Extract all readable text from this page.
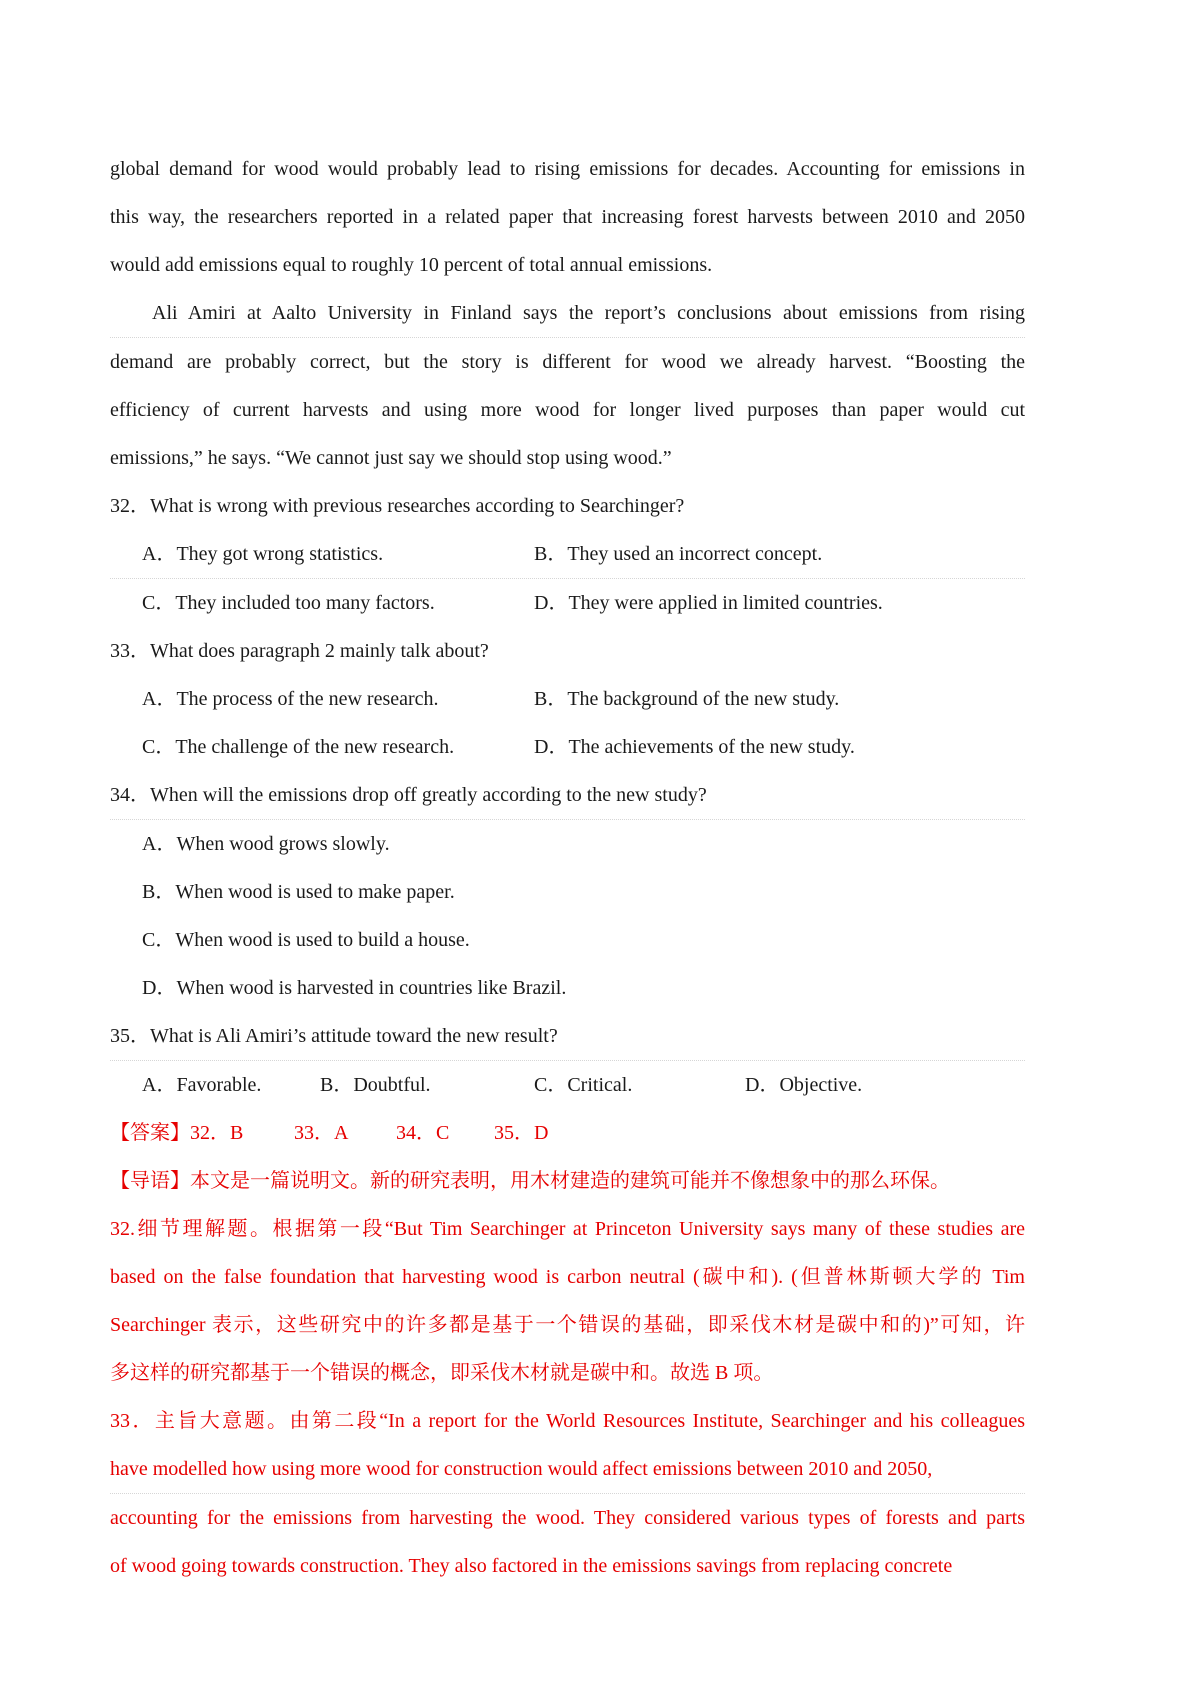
global demand for wood would probably lead to rising emissions for decades. Accounting for emissions in
this way, the researchers reported in a related paper that increasing forest harvests between 2010 and 2050
would add emissions equal to roughly 10 percent of total annual emissions.
Ali Amiri at Aalto University in Finland says the report’s conclusions about emissions from rising
demand are probably correct, but the story is different for wood we already harvest. “Boosting the
efficiency of current harvests and using more wood for longer lived purposes than paper would cut
emissions,” he says. “We cannot just say we should stop using wood.”
32．What is wrong with previous researches according to Searchinger?
A．They got wrong statistics.	B．They used an incorrect concept.
C．They included too many factors.	D．They were applied in limited countries.
33．What does paragraph 2 mainly talk about?
A．The process of the new research.	B．The background of the new study.
C．The challenge of the new research.	D．The achievements of the new study.
34．When will the emissions drop off greatly according to the new study?
A．When wood grows slowly.
B．When wood is used to make paper.
C．When wood is used to build a house.
D．When wood is harvested in countries like Brazil.
35．What is Ali Amiri’s attitude toward the new result?
A．Favorable.	B．Doubtful.	C．Critical.	D．Objective.
【答案】 32．B	33．A 34．C 35．D
【导语】本文是一篇说明文。新的研究表明，用木材建造的建筑可能并不像想象中的那么环保。
32.细节理解题。根据第一段“But Tim Searchinger at Princeton University says many of these studies are
based on the false foundation that harvesting wood is carbon neutral (碳中和). (但普林斯顿大学的 Tim
Searchinger 表示，这些研究中的许多都是基于一个错误的基础，即采伐木材是碳中和的)”可知，许
多这样的研究都基于一个错误的概念，即采伐木材就是碳中和。故选 B 项。
33．主旨大意题。由第二段“In a report for the World Resources Institute, Searchinger and his colleagues
have modelled how using more wood for construction would affect emissions between 2010 and 2050,
accounting for the emissions from harvesting the wood. They considered various types of forests and parts
of wood going towards construction. They also factored in the emissions savings from replacing concrete
